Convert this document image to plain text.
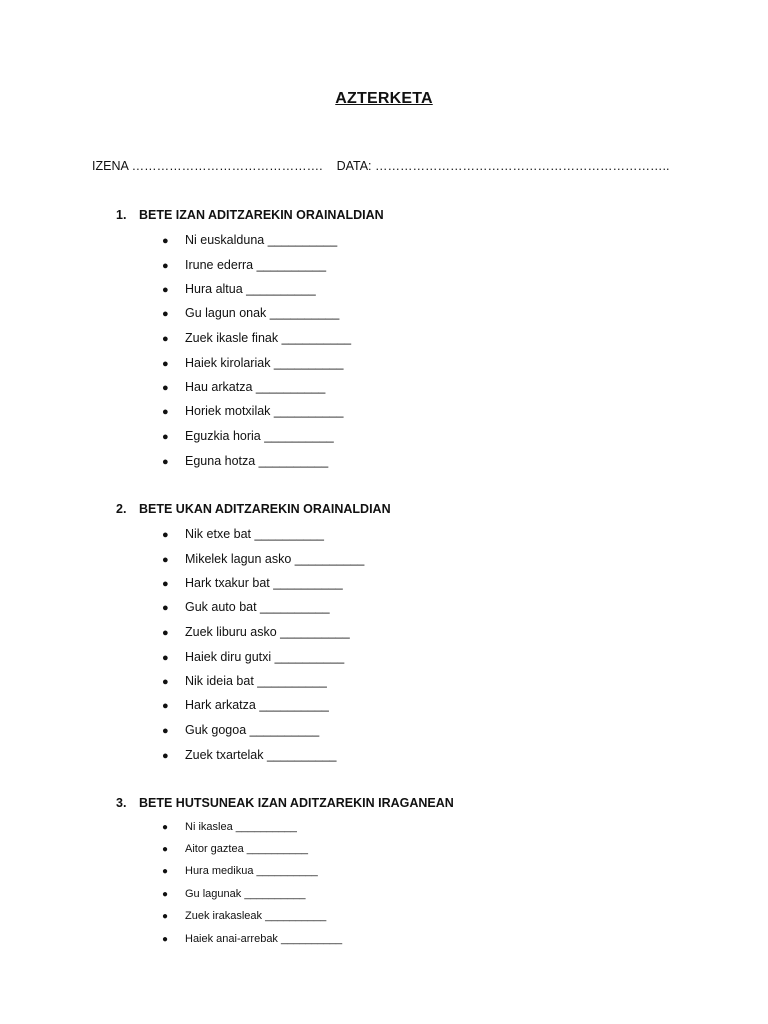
AZTERKETA
IZENA ………………………………………. DATA: ……………………………………………………………..
1. BETE IZAN ADITZAREKIN ORAINALDIAN
● Ni euskalduna __________
● Irune ederra __________
● Hura altua __________
● Gu lagun onak __________
● Zuek ikasle finak __________
● Haiek kirolariak __________
● Hau arkatza __________
● Horiek motxilak __________
● Eguzkia horia __________
● Eguna hotza __________
2. BETE UKAN ADITZAREKIN ORAINALDIAN
● Nik etxe bat __________
● Mikelek lagun asko __________
● Hark txakur bat __________
● Guk auto bat __________
● Zuek liburu asko __________
● Haiek diru gutxi __________
● Nik ideia bat __________
● Hark arkatza __________
● Guk gogoa __________
● Zuek txartelak __________
3. BETE HUTSUNEAK IZAN ADITZAREKIN IRAGANEAN
● Ni ikaslea __________
● Aitor gaztea __________
● Hura medikua __________
● Gu lagunak __________
● Zuek irakasleak __________
● Haiek anai-arrebak __________
